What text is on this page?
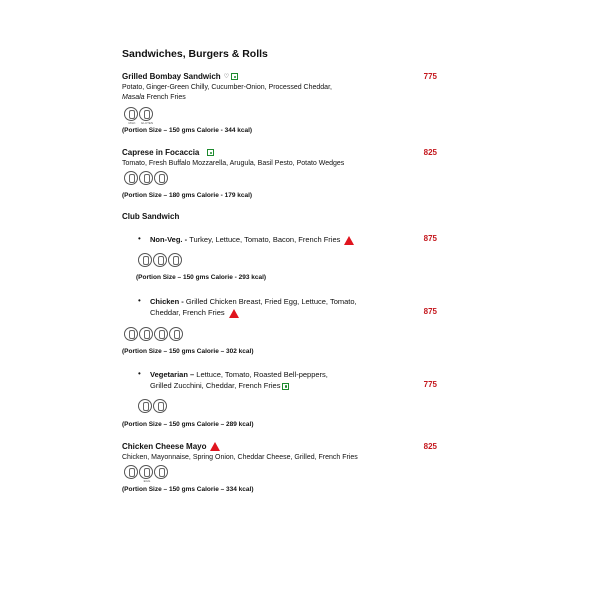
Sandwiches, Burgers & Rolls
Grilled Bombay Sandwich ♡	775
Potato, Ginger-Green Chilly, Cucumber-Onion, Processed Cheddar,
Masala French Fries
MILK	GLUTEN
(Portion Size – 150 gms Calorie - 344 kcal)
Caprese in Focaccia	825
Tomato, Fresh Buffalo Mozzarella, Arugula, Basil Pesto, Potato Wedges
(Portion Size – 180 gms Calorie - 179 kcal)
Club Sandwich
• Non-Veg. - Turkey, Lettuce, Tomato, Bacon, French Fries	875
(Portion Size – 150 gms Calorie - 293 kcal)
• Chicken - Grilled Chicken Breast, Fried Egg, Lettuce, Tomato,
Cheddar, French Fries	875
(Portion Size – 150 gms Calorie – 302 kcal)
• Vegetarian – Lettuce, Tomato, Roasted Bell-peppers,
Grilled Zucchini, Cheddar, French Fries	775
(Portion Size – 150 gms Calorie – 289 kcal)
Chicken Cheese Mayo	825
Chicken, Mayonnaise, Spring Onion, Cheddar Cheese, Grilled, French Fries
EGG
(Portion Size – 150 gms Calorie – 334 kcal)
